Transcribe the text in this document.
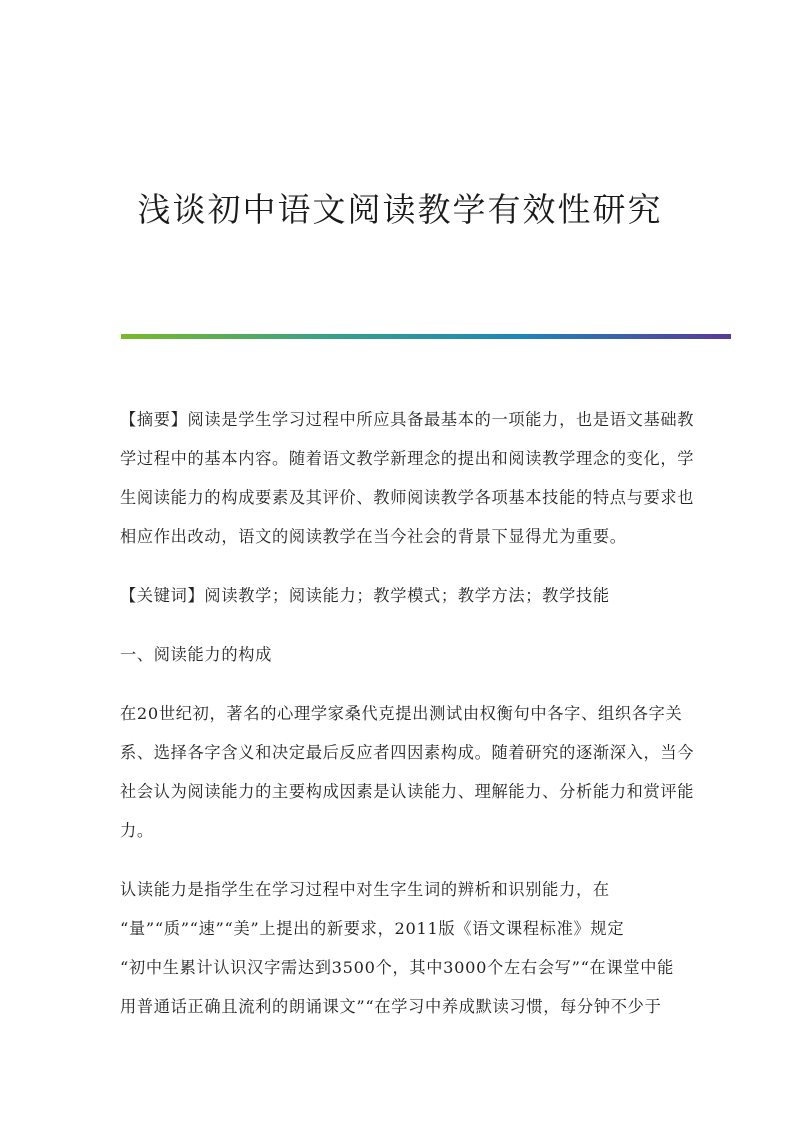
浅谈初中语文阅读教学有效性研究

【摘要】阅读是学生学习过程中所应具备最基本的一项能力，也是语文基础教
学过程中的基本内容。随着语文教学新理念的提出和阅读教学理念的变化，学
生阅读能力的构成要素及其评价、教师阅读教学各项基本技能的特点与要求也
相应作出改动，语文的阅读教学在当今社会的背景下显得尤为重要。

【关键词】阅读教学；阅读能力；教学模式；教学方法；教学技能

一、阅读能力的构成

在20世纪初，著名的心理学家桑代克提出测试由权衡句中各字、组织各字关
系、选择各字含义和决定最后反应者四因素构成。随着研究的逐渐深入，当今
社会认为阅读能力的主要构成因素是认读能力、理解能力、分析能力和赏评能
力。

认读能力是指学生在学习过程中对生字生词的辨析和识别能力，在
“量”“质”“速”“美”上提出的新要求，2011版《语文课程标准》规定
“初中生累计认识汉字需达到3500个，其中3000个左右会写”“在课堂中能
用普通话正确且流利的朗诵课文”“在学习中养成默读习惯，每分钟不少于
